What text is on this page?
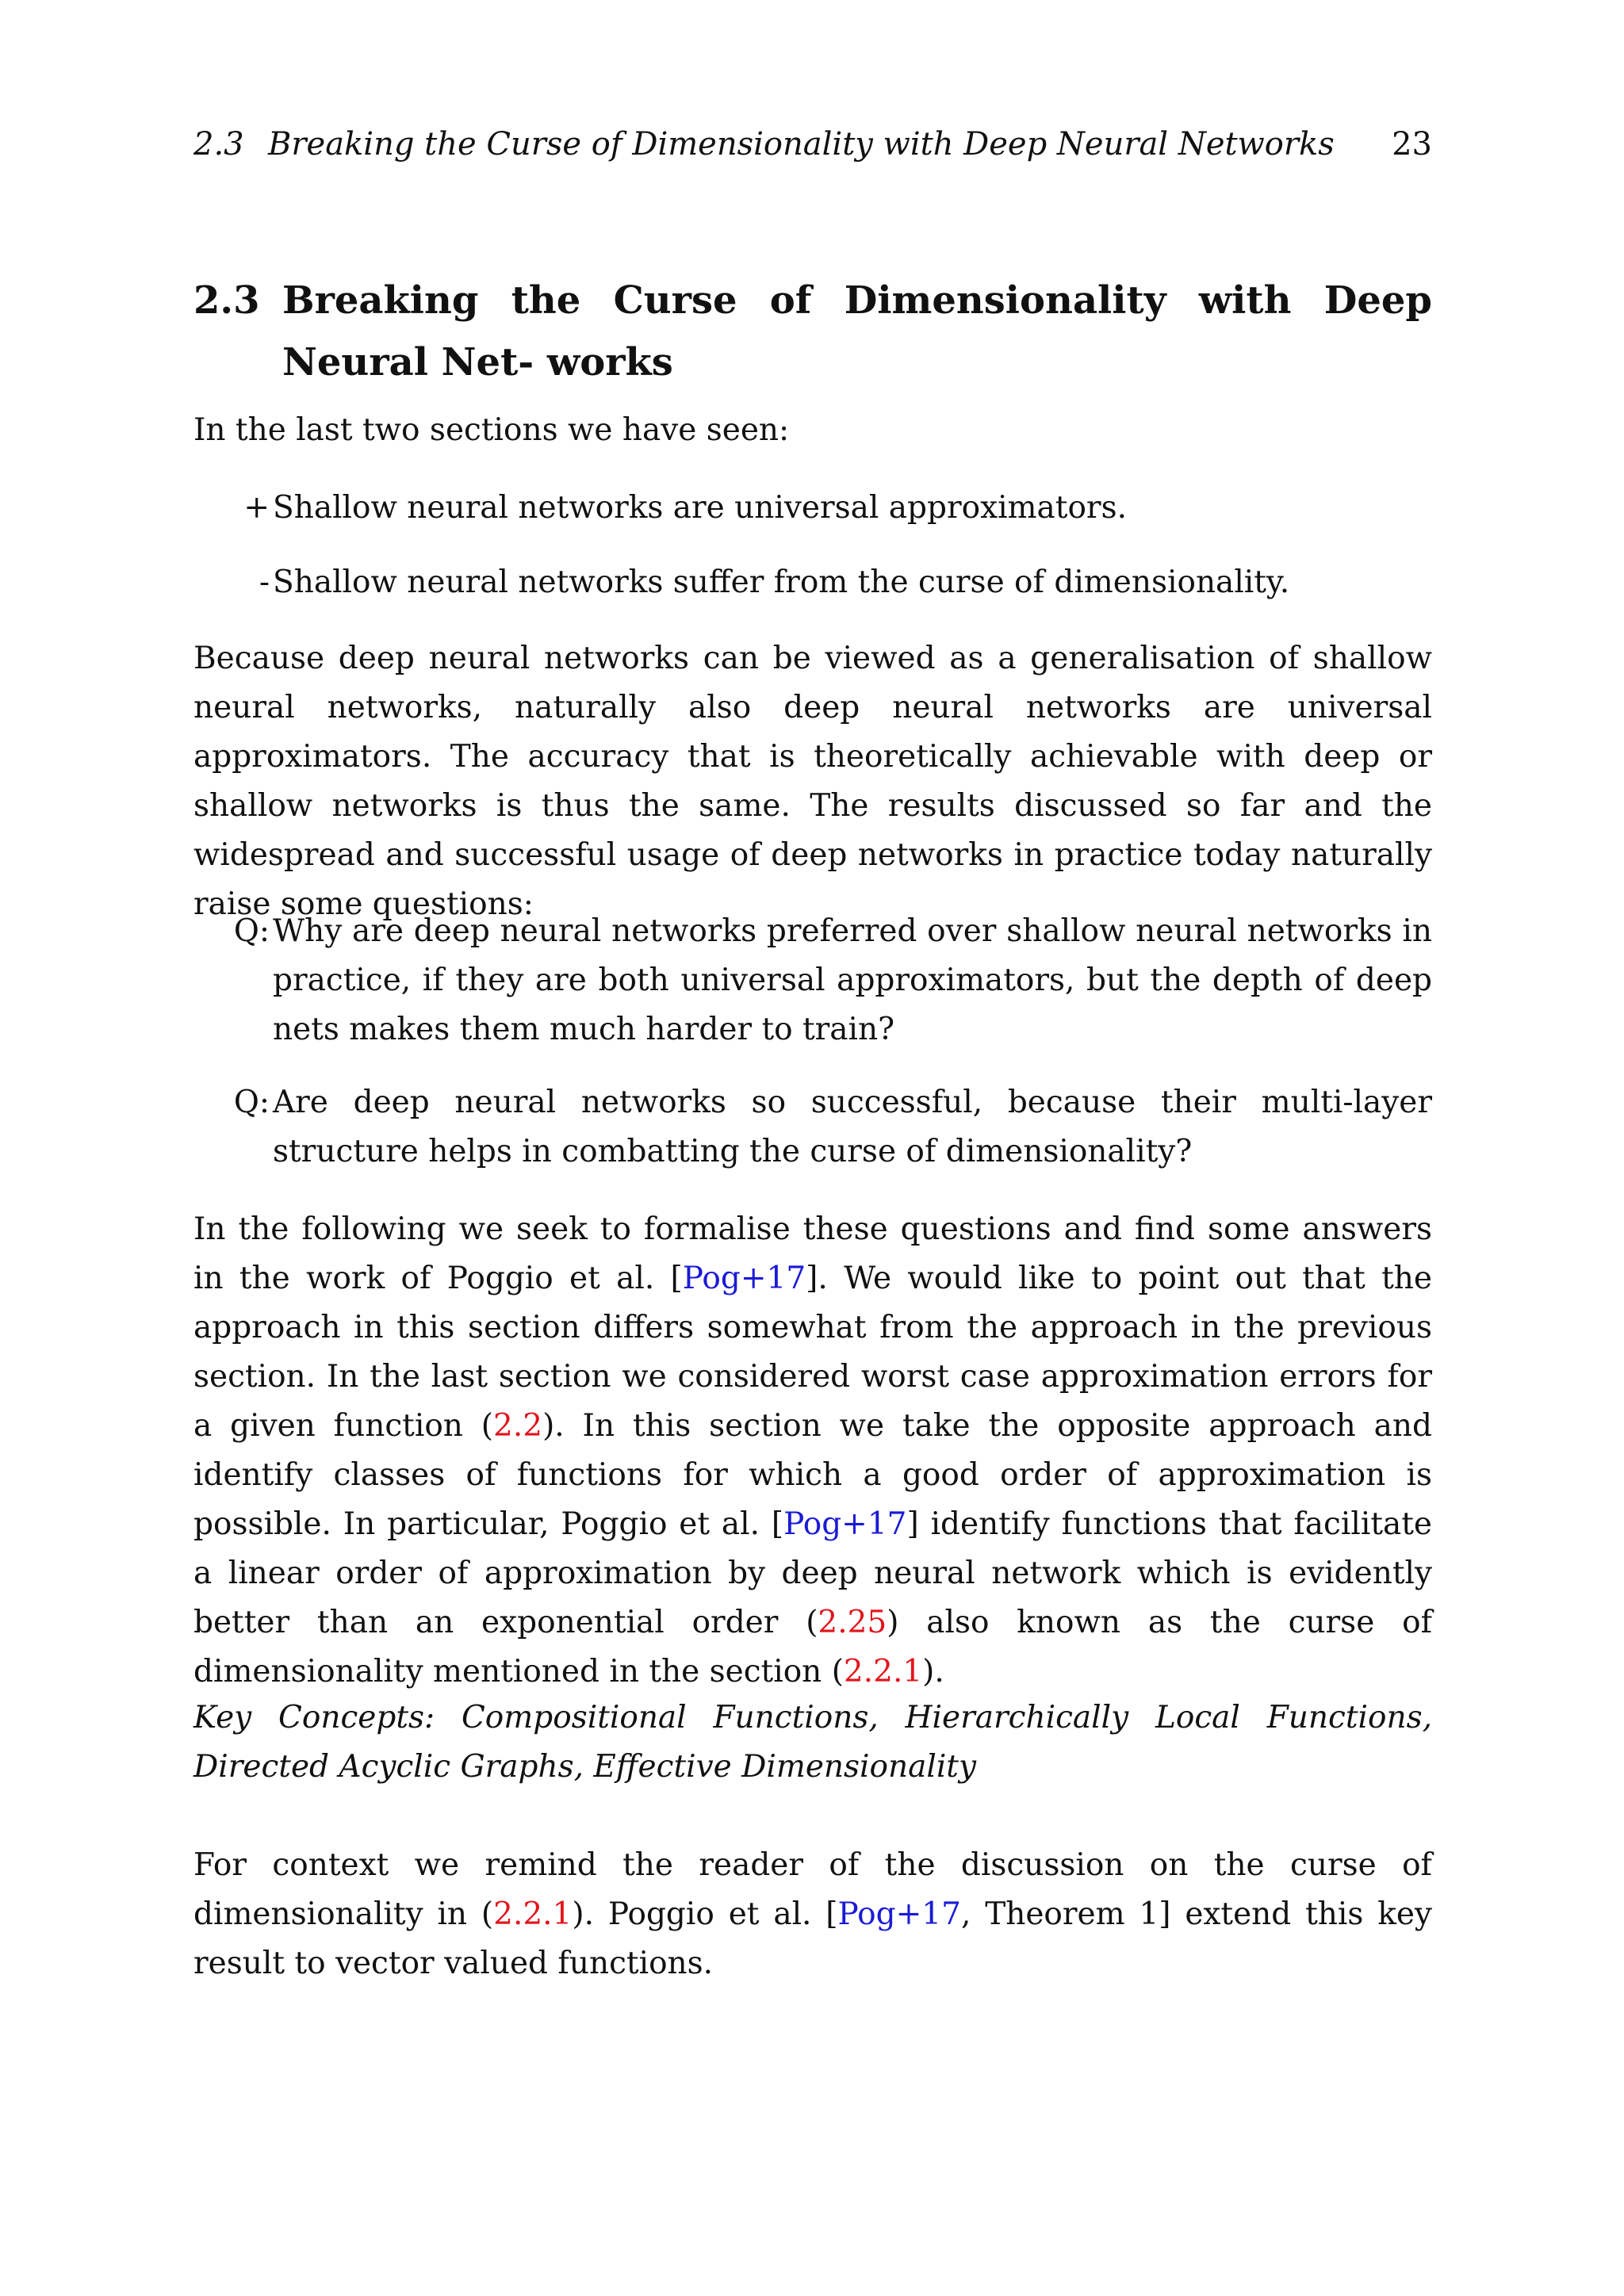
2.3 Breaking the Curse of Dimensionality with Deep Neural Networks 23
2.3 Breaking the Curse of Dimensionality with Deep Neural Net- works
In the last two sections we have seen:
+ Shallow neural networks are universal approximators.
- Shallow neural networks suffer from the curse of dimensionality.
Because deep neural networks can be viewed as a generalisation of shallow neural networks, naturally also deep neural networks are universal approximators. The accuracy that is theoretically achievable with deep or shallow networks is thus the same. The results discussed so far and the widespread and successful usage of deep networks in practice today naturally raise some questions:
Q: Why are deep neural networks preferred over shallow neural networks in practice, if they are both universal approximators, but the depth of deep nets makes them much harder to train?
Q: Are deep neural networks so successful, because their multi-layer structure helps in combatting the curse of dimensionality?
In the following we seek to formalise these questions and find some answers in the work of Poggio et al. [Pog+17]. We would like to point out that the approach in this section differs somewhat from the approach in the previous section. In the last section we considered worst case approximation errors for a given function (2.2). In this section we take the opposite approach and identify classes of functions for which a good order of approximation is possible. In particular, Poggio et al. [Pog+17] identify functions that facilitate a linear order of approximation by deep neural network which is evidently better than an exponential order (2.25) also known as the curse of dimensionality mentioned in the section (2.2.1).
Key Concepts: Compositional Functions, Hierarchically Local Functions, Directed Acyclic Graphs, Effective Dimensionality
For context we remind the reader of the discussion on the curse of dimensionality in (2.2.1). Poggio et al. [Pog+17, Theorem 1] extend this key result to vector valued functions.
